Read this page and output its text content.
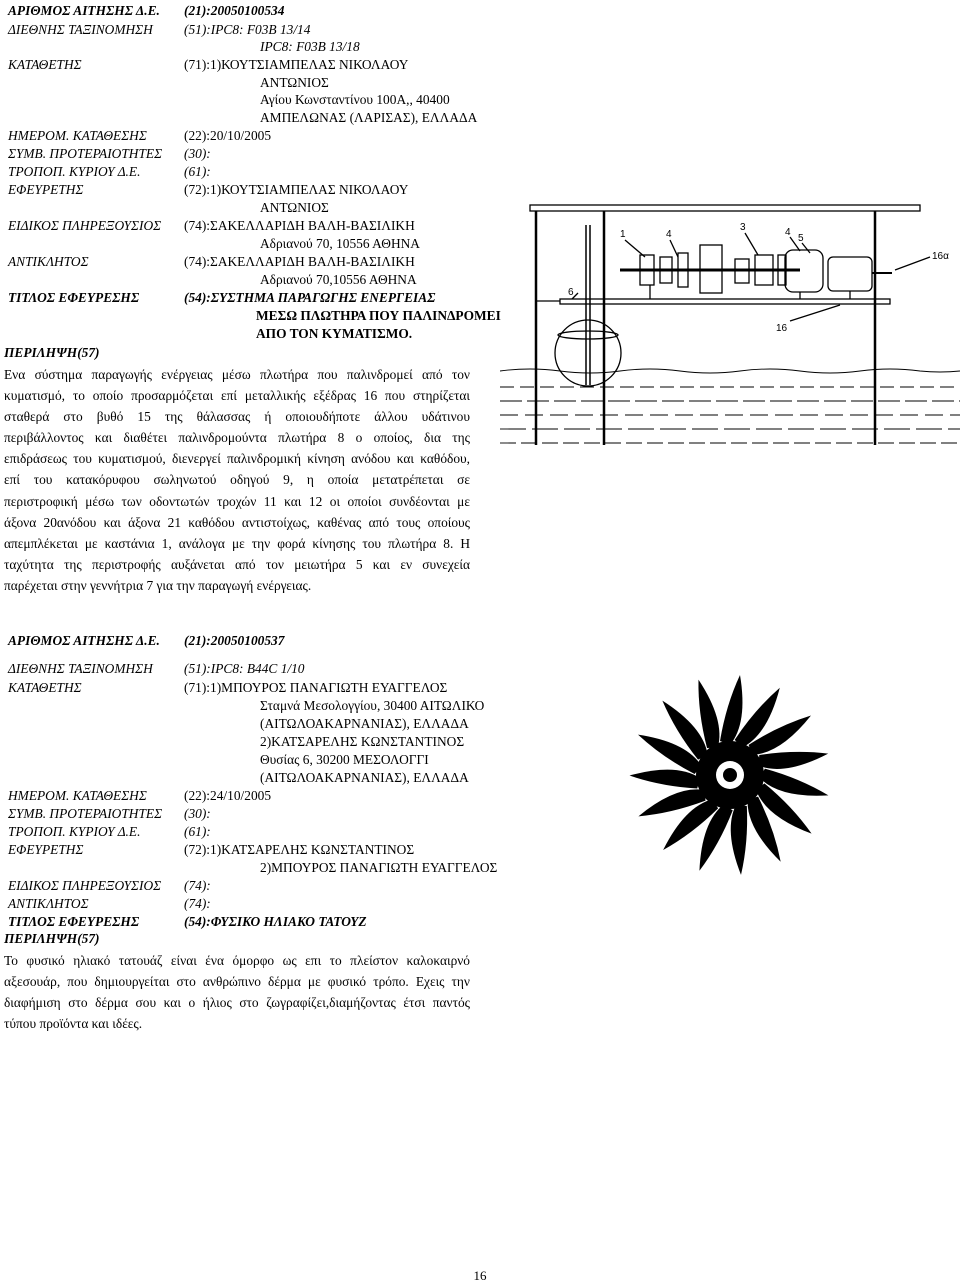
ΑΡΙΘΜΟΣ ΑΙΤΗΣΗΣ Δ.Ε. (21):20050100534
ΔΙΕΘΝΗΣ ΤΑΞΙΝΟΜΗΣΗ (51):IPC8: F03B 13/14
IPC8: F03B 13/18
ΚΑΤΑΘΕΤΗΣ	(71):1)ΚΟΥΤΣΙΑΜΠΕΛΑΣ ΝΙΚΟΛΑΟΥ
ΑΝΤΩΝΙΟΣ
Αγίου Κωνσταντίνου 100Α,, 40400
ΑΜΠΕΛΩΝΑΣ (ΛΑΡΙΣΑΣ), ΕΛΛΑΔΑ
ΗΜΕΡΟΜ. ΚΑΤΑΘΕΣΗΣ	(22):20/10/2005
ΣΥΜΒ. ΠΡΟΤΕΡΑΙΟΤΗΤΕΣ (30):
ΤΡΟΠΟΠ. ΚΥΡΙΟΥ Δ.Ε.	(61):
ΕΦΕΥΡΕΤΗΣ	(72):1)ΚΟΥΤΣΙΑΜΠΕΛΑΣ ΝΙΚΟΛΑΟΥ
ΑΝΤΩΝΙΟΣ
ΕΙΔΙΚΟΣ ΠΛΗΡΕΞΟΥΣΙΟΣ (74):ΣΑΚΕΛΛΑΡΙΔΗ ΒΑΛΗ-ΒΑΣΙΛΙΚΗ
Αδριανού 70, 10556 ΑΘΗΝΑ
ΑΝΤΙΚΛΗΤΟΣ	(74):ΣΑΚΕΛΛΑΡΙΔΗ ΒΑΛΗ-ΒΑΣΙΛΙΚΗ
Αδριανού 70,10556 ΑΘΗΝΑ
ΤΙΤΛΟΣ ΕΦΕΥΡΕΣΗΣ	(54):ΣΥΣΤΗΜΑ ΠΑΡΑΓΩΓΗΣ ΕΝΕΡΓΕΙΑΣ
ΜΕΣΩ ΠΛΩΤΗΡΑ ΠΟΥ ΠΑΛΙΝΔΡΟΜΕΙ
ΑΠΟ ΤΟΝ ΚΥΜΑΤΙΣΜΟ.
ΠΕΡΙΛΗΨΗ(57)
Ενα σύστημα παραγωγής ενέργειας μέσω πλωτήρα που παλινδρομεί από τον
κυματισμό, το οποίο προσαρμόζεται επί μεταλλικής εξέδρας 16 που στηρίζεται
σταθερά στο βυθό 15 της θάλασσας ή οποιουδήποτε άλλου υδάτινου
περιβάλλοντος και διαθέτει παλινδρομούντα πλωτήρα 8 ο οποίος, δια της
επιδράσεως του κυματισμού, διενεργεί παλινδρομική κίνηση ανόδου και καθόδου,
επί του κατακόρυφου σωληνωτού οδηγού 9, η οποία μετατρέπεται σε
περιστροφική μέσω των οδοντωτών τροχών 11 και 12 οι οποίοι συνδέονται με
άξονα 20ανόδου και άξονα 21 καθόδου αντιστοίχως, καθένας από τους οποίους
απεμπλέκεται με καστάνια 1, ανάλογα με την φορά κίνησης του πλωτήρα 8. Η
ταχύτητα της περιστροφής αυξάνεται από τον μειωτήρα 5 και εν συνεχεία
παρέχεται στην γεννήτρια 7 για την παραγωγή ενέργειας.
1	4
3	4
5
16α
6
16
ΑΡΙΘΜΟΣ ΑΙΤΗΣΗΣ Δ.Ε. (21):20050100537
ΔΙΕΘΝΗΣ ΤΑΞΙΝΟΜΗΣΗ (51):IPC8: B44C 1/10
ΚΑΤΑΘΕΤΗΣ	(71):1)ΜΠΟΥΡΟΣ ΠΑΝΑΓΙΩΤΗ ΕΥΑΓΓΕΛΟΣ
Σταμνά Μεσολογγίου, 30400 ΑΙΤΩΛΙΚΟ
(ΑΙΤΩΛΟΑΚΑΡΝΑΝΙΑΣ), ΕΛΛΑΔΑ
2)ΚΑΤΣΑΡΕΛΗΣ ΚΩΝΣΤΑΝΤΙΝΟΣ
Θυσίας 6, 30200 ΜΕΣΟΛΟΓΓΙ
(ΑΙΤΩΛΟΑΚΑΡΝΑΝΙΑΣ), ΕΛΛΑΔΑ
ΗΜΕΡΟΜ. ΚΑΤΑΘΕΣΗΣ	(22):24/10/2005
ΣΥΜΒ. ΠΡΟΤΕΡΑΙΟΤΗΤΕΣ (30):
ΤΡΟΠΟΠ. ΚΥΡΙΟΥ Δ.Ε.	(61):
ΕΦΕΥΡΕΤΗΣ	(72):1)ΚΑΤΣΑΡΕΛΗΣ ΚΩΝΣΤΑΝΤΙΝΟΣ
2)ΜΠΟΥΡΟΣ ΠΑΝΑΓΙΩΤΗ ΕΥΑΓΓΕΛΟΣ
ΕΙΔΙΚΟΣ ΠΛΗΡΕΞΟΥΣΙΟΣ (74):
ΑΝΤΙΚΛΗΤΟΣ	(74):
ΤΙΤΛΟΣ ΕΦΕΥΡΕΣΗΣ	(54):ΦΥΣΙΚΟ ΗΛΙΑΚΟ ΤΑΤΟΥΖ
ΠΕΡΙΛΗΨΗ(57)
Το φυσικό ηλιακό τατουάζ είναι ένα όμορφο ως επι το πλείστον καλοκαιρνό
αξεσουάρ, που δημιουργείται στο ανθρώπινο δέρμα με φυσικό τρόπο. Εχεις την
διαφήμιση στο δέρμα σου και ο ήλιος στο ζωγραφίζει,διαμήζοντας έτσι παντός
τύπου προϊόντα και ιδέες.
16
